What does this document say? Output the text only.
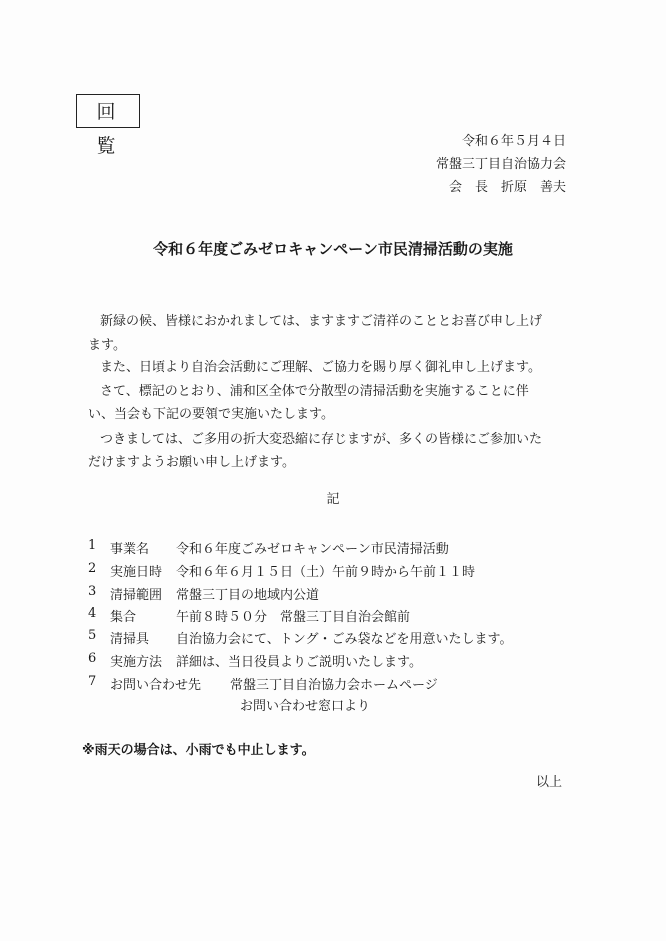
回覧	令和６年５月４日
常盤三丁目自治協力会
会　長　折原　善夫
令和６年度ごみゼロキャンペーン市民清掃活動の実施
新緑の候、皆様におかれましては、ますますご清祥のこととお喜び申し上げ
ます。
また、日頃より自治会活動にご理解、ご協力を賜り厚く御礼申し上げます。
さて、標記のとおり、浦和区全体で分散型の清掃活動を実施することに伴
い、当会も下記の要領で実施いたします。
つきましては、ご多用の折大変恐縮に存じますが、多くの皆様にご参加いた
だけますようお願い申し上げます。
記
1 事業名 令和６年度ごみゼロキャンペーン市民清掃活動
2 実施日時 令和６年６月１５日（土）午前９時から午前１１時
3 清掃範囲 常盤三丁目の地域内公道
4 集合	午前８時５０分　常盤三丁目自治会館前
5 清掃具 自治協力会にて、トング・ごみ袋などを用意いたします。
6 実施方法 詳細は、当日役員よりご説明いたします。
7 お問い合わせ先 常盤三丁目自治協力会ホームページ
お問い合わせ窓口より
※雨天の場合は、小雨でも中止します。
以上
